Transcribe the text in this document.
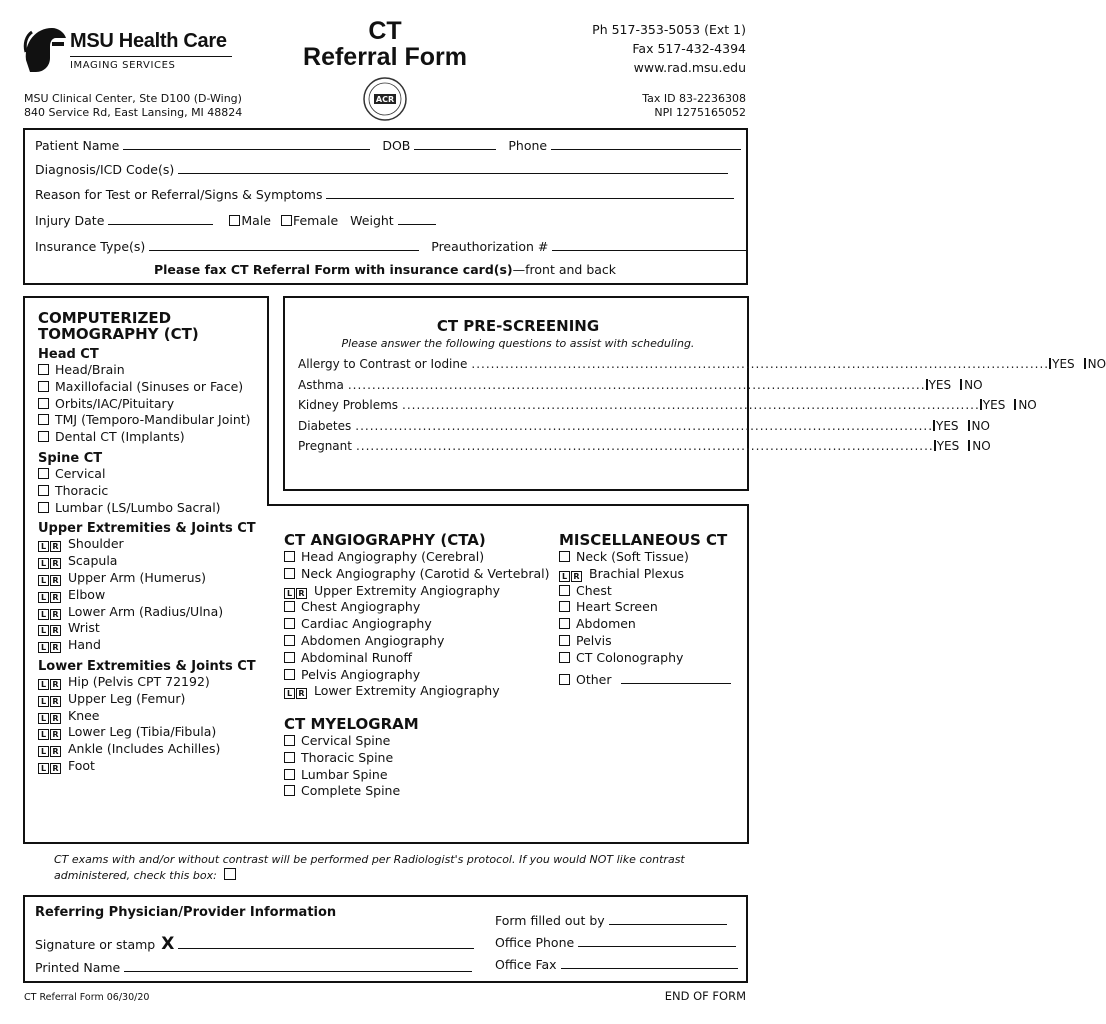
MSU Health Care
IMAGING SERVICES
MSU Clinical Center, Ste D100 (D-Wing)
840 Service Rd, East Lansing, MI 48824
CT
Referral Form
ACR
Ph 517-353-5053 (Ext 1)
Fax 517-432-4394
www.rad.msu.edu
Tax ID 83-2236308
NPI 1275165052
Patient Name	DOB	Phone
Diagnosis/ICD Code(s)
Reason for Test or Referral/Signs & Symptoms
Injury Date	Male Female Weight
Insurance Type(s)	Preauthorization #
Please fax CT Referral Form with insurance card(s)—front and back
COMPUTERIZED
TOMOGRAPHY (CT)
Head CT
Head/Brain
Maxillofacial (Sinuses or Face)
Orbits/IAC/Pituitary
TMJ (Temporo-Mandibular Joint)
Dental CT (Implants)
Spine CT
Cervical
Thoracic
Lumbar (LS/Lumbo Sacral)
Upper Extremities & Joints CT
L R Shoulder
L R Scapula
L R Upper Arm (Humerus)
L R Elbow
L R Lower Arm (Radius/Ulna)
L R Wrist
L R Hand
Lower Extremities & Joints CT
L R Hip (Pelvis CPT 72192)
L R Upper Leg (Femur)
L R Knee
L R Lower Leg (Tibia/Fibula)
L R Ankle (Includes Achilles)
L R Foot
CT PRE-SCREENING
Please answer the following questions to assist with scheduling.
Allergy to Contrast or Iodine ........................................................................................................................ YES NO
Asthma ........................................................................................................................ YES NO
Kidney Problems ........................................................................................................................ YES NO
Diabetes ........................................................................................................................ YES NO
Pregnant ........................................................................................................................ YES NO
CT ANGIOGRAPHY (CTA)
Head Angiography (Cerebral)
Neck Angiography (Carotid & Vertebral)
L R Upper Extremity Angiography
Chest Angiography
Cardiac Angiography
Abdomen Angiography
Abdominal Runoff
Pelvis Angiography
L R Lower Extremity Angiography
CT MYELOGRAM
Cervical Spine
Thoracic Spine
Lumbar Spine
Complete Spine
MISCELLANEOUS CT
Neck (Soft Tissue)
L R Brachial Plexus
Chest
Heart Screen
Abdomen
Pelvis
CT Colonography
Other
CT exams with and/or without contrast will be performed per Radiologist's protocol. If you would NOT like contrast
administered, check this box:
Referring Physician/Provider Information
Signature or stamp X
Printed Name
Form filled out by
Office Phone
Office Fax
CT Referral Form 06/30/20	END OF FORM
